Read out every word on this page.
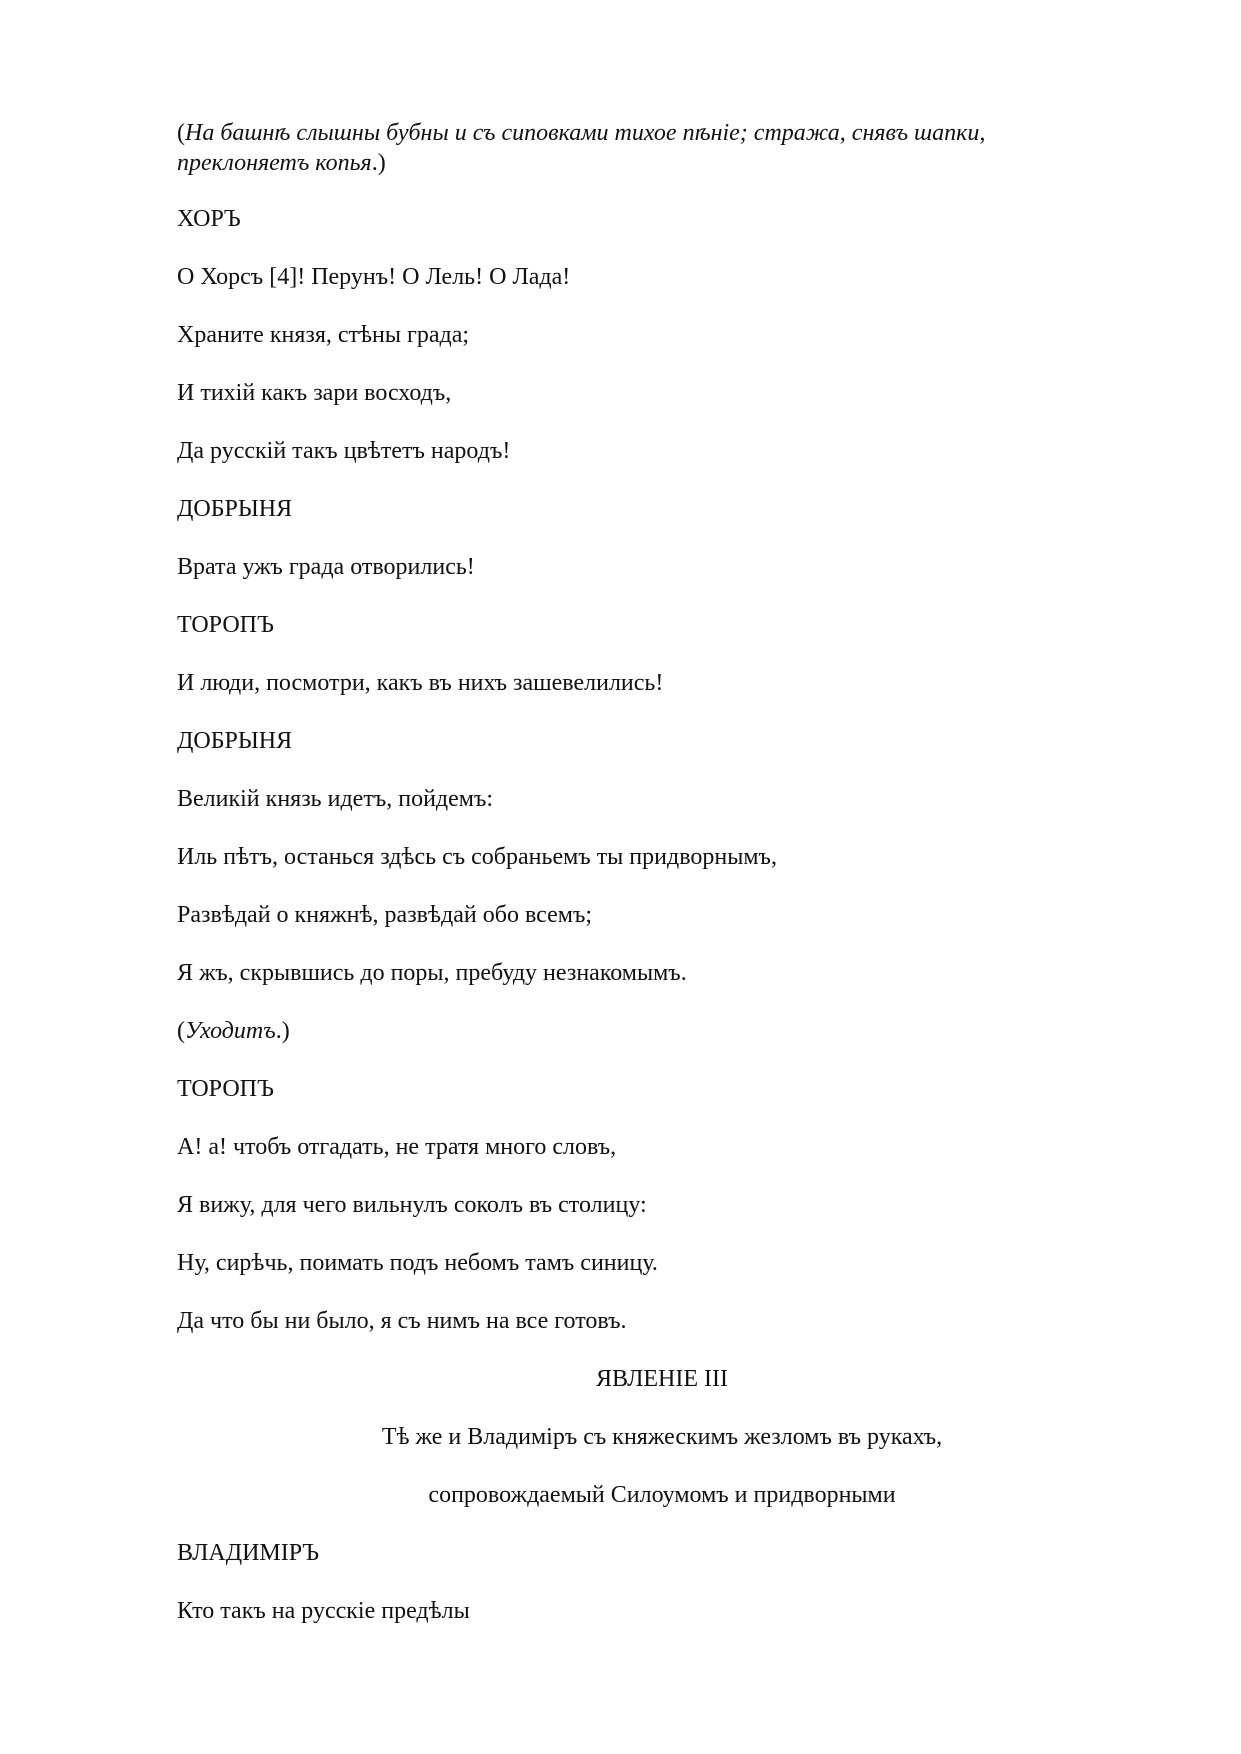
(На башнѣ слышны бубны и съ сиповками тихое пѣніе; стража, снявъ шапки, преклоняетъ копья.)

ХОРЪ

О Хорсъ [4]! Перунъ! О Лель! О Лада!

Храните князя, стѣны града;

И тихій какъ зари восходъ,

Да русскій такъ цвѣтетъ народъ!

ДОБРЫНЯ

Врата ужъ града отворились!

ТОРОПЪ

И люди, посмотри, какъ въ нихъ зашевелились!

ДОБРЫНЯ

Великій князь идетъ, пойдемъ:

Иль пѣтъ, останься здѣсь съ собраньемъ ты придворнымъ,

Развѣдай о княжнѣ, развѣдай обо всемъ;

Я жъ, скрывшись до поры, пребуду незнакомымъ.

(Уходитъ.)

ТОРОПЪ

А! а! чтобъ отгадать, не тратя много словъ,

Я вижу, для чего вильнулъ соколъ въ столицу:

Ну, сирѣчь, поимать подъ небомъ тамъ синицу.

Да что бы ни было, я съ нимъ на все готовъ.

ЯВЛЕНІЕ III

Тѣ же и Владиміръ съ княжескимъ жезломъ въ рукахъ,

сопровождаемый Силоумомъ и придворными

ВЛАДИМІРЪ

Кто такъ на русскіе предѣлы
